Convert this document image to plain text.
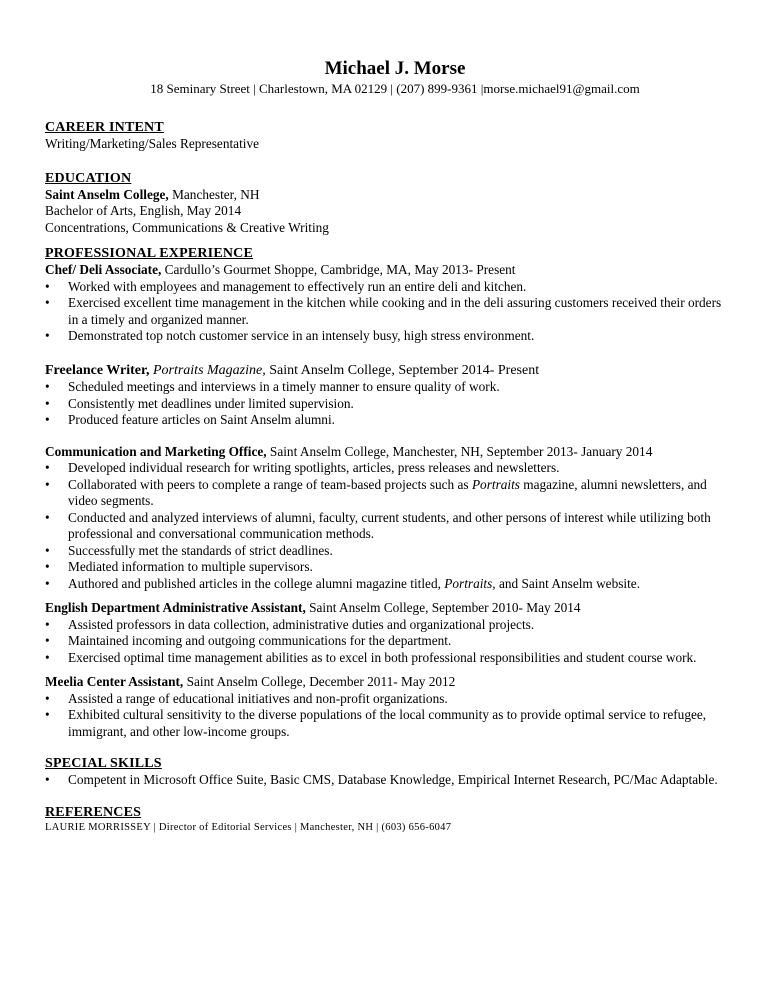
Michael J. Morse
18 Seminary Street | Charlestown, MA 02129 | (207) 899-9361 |morse.michael91@gmail.com
CAREER INTENT
Writing/Marketing/Sales Representative
EDUCATION
Saint Anselm College, Manchester, NH
Bachelor of Arts, English, May 2014
Concentrations, Communications & Creative Writing
PROFESSIONAL EXPERIENCE
Chef/ Deli Associate, Cardullo’s Gourmet Shoppe, Cambridge, MA, May 2013- Present
• Worked with employees and management to effectively run an entire deli and kitchen.
• Exercised excellent time management in the kitchen while cooking and in the deli assuring customers received their orders in a timely and organized manner.
• Demonstrated top notch customer service in an intensely busy, high stress environment.
Freelance Writer, Portraits Magazine, Saint Anselm College, September 2014- Present
• Scheduled meetings and interviews in a timely manner to ensure quality of work.
• Consistently met deadlines under limited supervision.
• Produced feature articles on Saint Anselm alumni.
Communication and Marketing Office, Saint Anselm College, Manchester, NH, September 2013- January 2014
• Developed individual research for writing spotlights, articles, press releases and newsletters.
• Collaborated with peers to complete a range of team-based projects such as Portraits magazine, alumni newsletters, and video segments.
• Conducted and analyzed interviews of alumni, faculty, current students, and other persons of interest while utilizing both professional and conversational communication methods.
• Successfully met the standards of strict deadlines.
• Mediated information to multiple supervisors.
• Authored and published articles in the college alumni magazine titled, Portraits, and Saint Anselm website.
English Department Administrative Assistant, Saint Anselm College, September 2010- May 2014
• Assisted professors in data collection, administrative duties and organizational projects.
• Maintained incoming and outgoing communications for the department.
• Exercised optimal time management abilities as to excel in both professional responsibilities and student course work.
Meelia Center Assistant, Saint Anselm College, December 2011- May 2012
• Assisted a range of educational initiatives and non-profit organizations.
• Exhibited cultural sensitivity to the diverse populations of the local community as to provide optimal service to refugee, immigrant, and other low-income groups.
SPECIAL SKILLS
• Competent in Microsoft Office Suite, Basic CMS, Database Knowledge, Empirical Internet Research, PC/Mac Adaptable.
REFERENCES
LAURIE MORRISSEY | Director of Editorial Services | Manchester, NH | (603) 656-6047
